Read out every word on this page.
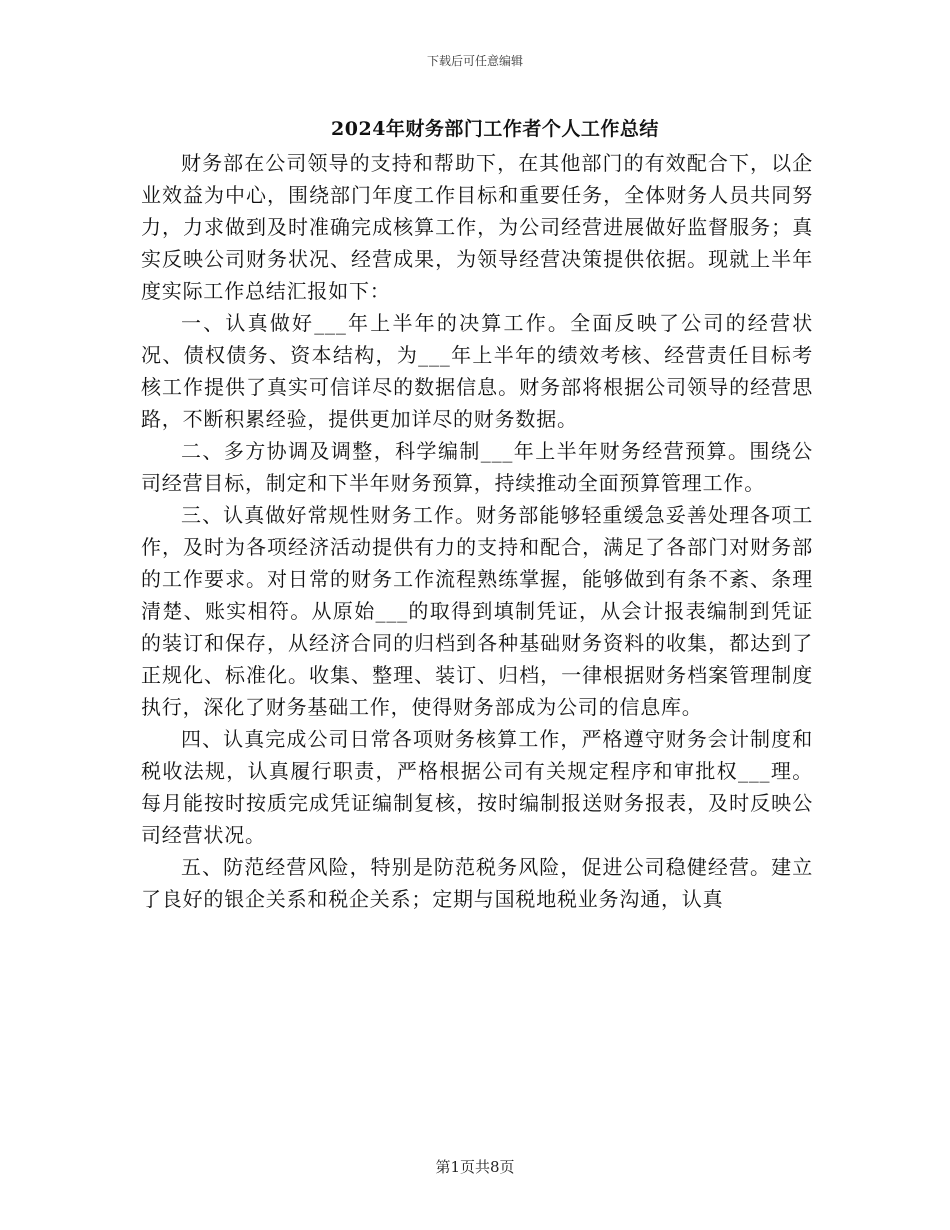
下载后可任意编辑
2024年财务部门工作者个人工作总结

财务部在公司领导的支持和帮助下，在其他部门的有效配合下，以企业效益为中心，围绕部门年度工作目标和重要任务，全体财务人员共同努力，力求做到及时准确完成核算工作，为公司经营进展做好监督服务；真实反映公司财务状况、经营成果，为领导经营决策提供依据。现就上半年度实际工作总结汇报如下：

一、认真做好___年上半年的决算工作。全面反映了公司的经营状况、债权债务、资本结构，为___年上半年的绩效考核、经营责任目标考核工作提供了真实可信详尽的数据信息。财务部将根据公司领导的经营思路，不断积累经验，提供更加详尽的财务数据。

二、多方协调及调整，科学编制___年上半年财务经营预算。围绕公司经营目标，制定和下半年财务预算，持续推动全面预算管理工作。

三、认真做好常规性财务工作。财务部能够轻重缓急妥善处理各项工作，及时为各项经济活动提供有力的支持和配合，满足了各部门对财务部的工作要求。对日常的财务工作流程熟练掌握，能够做到有条不紊、条理清楚、账实相符。从原始___的取得到填制凭证，从会计报表编制到凭证的装订和保存，从经济合同的归档到各种基础财务资料的收集，都达到了正规化、标准化。收集、整理、装订、归档，一律根据财务档案管理制度执行，深化了财务基础工作，使得财务部成为公司的信息库。

四、认真完成公司日常各项财务核算工作，严格遵守财务会计制度和税收法规，认真履行职责，严格根据公司有关规定程序和审批权___理。每月能按时按质完成凭证编制复核，按时编制报送财务报表，及时反映公司经营状况。

五、防范经营风险，特别是防范税务风险，促进公司稳健经营。建立了良好的银企关系和税企关系；定期与国税地税业务沟通，认真

第1页共8页
